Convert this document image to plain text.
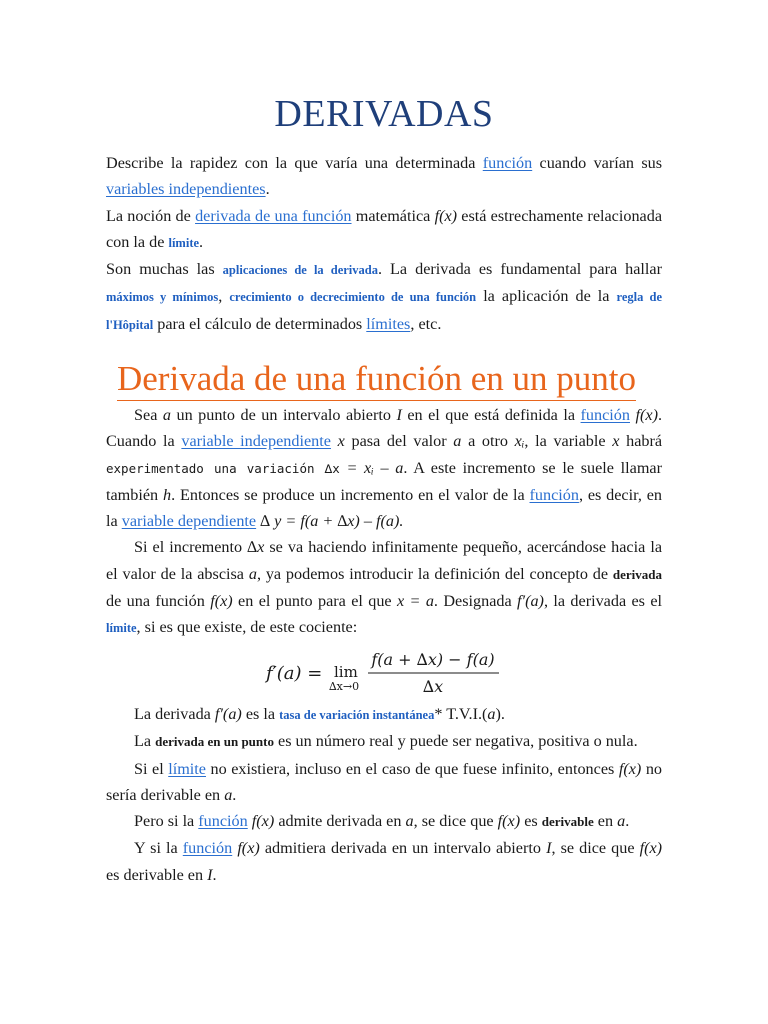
DERIVADAS

Describe la rapidez con la que varía una determinada función cuando varían sus variables independientes.

La noción de derivada de una función matemática f(x) está estrechamente relacionada con la de límite.

Son muchas las aplicaciones de la derivada. La derivada es fundamental para hallar máximos y mínimos, crecimiento o decrecimiento de una función la aplicación de la regla de l'Hôpital para el cálculo de determinados límites, etc.

Derivada de una función en un punto

Sea a un punto de un intervalo abierto I en el que está definida la función f(x). Cuando la variable independiente x pasa del valor a a otro xᵢ, la variable x habrá experimentado una variación ∆x = xᵢ – a. A este incremento se le suele llamar también h. Entonces se produce un incremento en el valor de la función, es decir, en la variable dependiente ∆ y = f(a + ∆x) – f(a).

Si el incremento ∆x se va haciendo infinitamente pequeño, acercándose hacia la el valor de la abscisa a, ya podemos introducir la definición del concepto de derivada de una función f(x) en el punto para el que x = a. Designada f′(a), la derivada es el límite, si es que existe, de este cociente:

f′(a) = lim
∆x→0
f(a + ∆x) − f(a)
∆x

La derivada f′(a) es la tasa de variación instantánea* T.V.I.(a).

La derivada en un punto es un número real y puede ser negativa, positiva o nula.

Si el límite no existiera, incluso en el caso de que fuese infinito, entonces f(x) no sería derivable en a.

Pero si la función f(x) admite derivada en a, se dice que f(x) es derivable en a.

Y si la función f(x) admitiera derivada en un intervalo abierto I, se dice que f(x) es derivable en I.
